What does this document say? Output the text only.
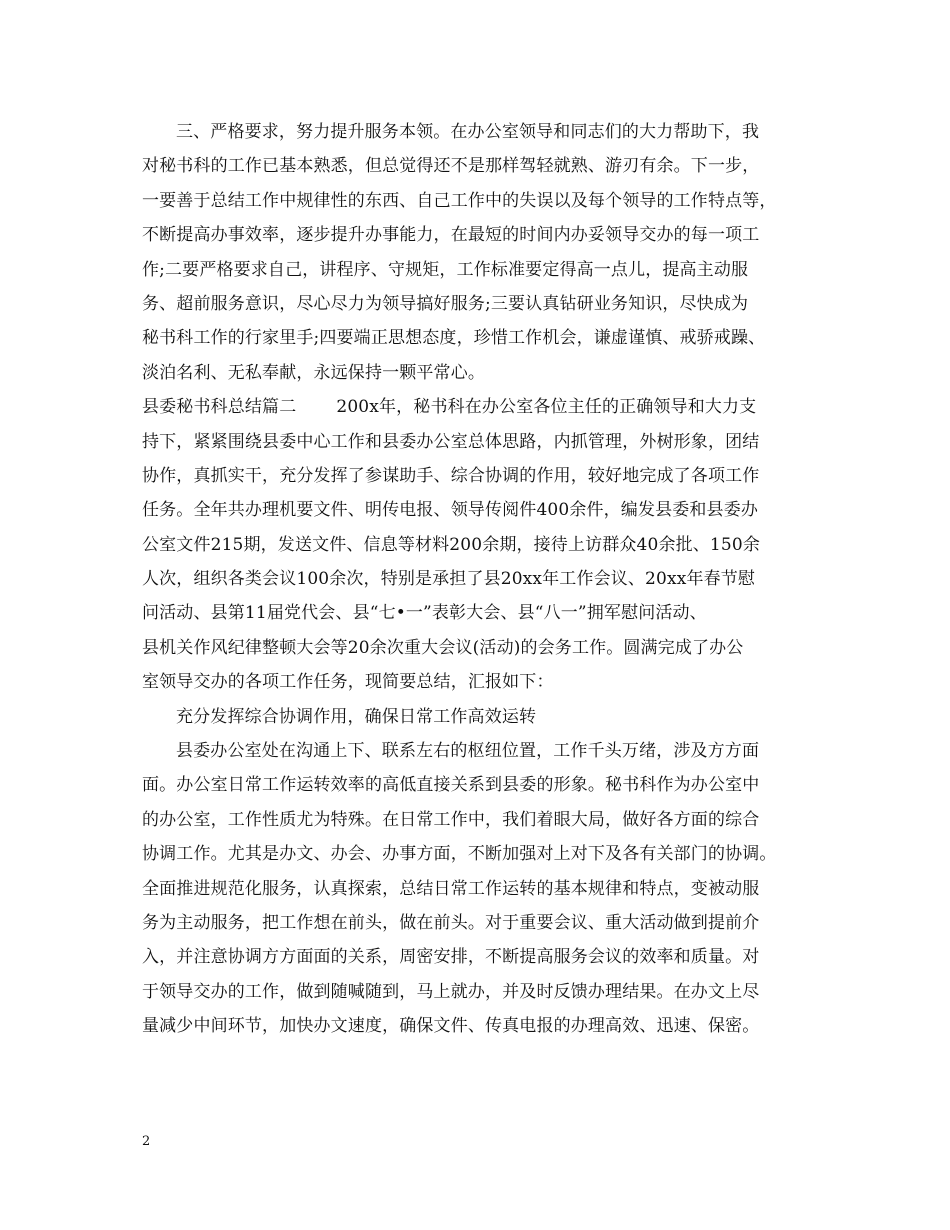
三、严格要求，努力提升服务本领。在办公室领导和同志们的大力帮助下，我
对秘书科的工作已基本熟悉，但总觉得还不是那样驾轻就熟、游刃有余。下一步，
一要善于总结工作中规律性的东西、自己工作中的失误以及每个领导的工作特点等，
不断提高办事效率，逐步提升办事能力，在最短的时间内办妥领导交办的每一项工
作;二要严格要求自己，讲程序、守规矩，工作标准要定得高一点儿，提高主动服
务、超前服务意识，尽心尽力为领导搞好服务;三要认真钻研业务知识，尽快成为
秘书科工作的行家里手;四要端正思想态度，珍惜工作机会，谦虚谨慎、戒骄戒躁、
淡泊名利、无私奉献，永远保持一颗平常心。
县委秘书科总结篇二 200x年，秘书科在办公室各位主任的正确领导和大力支
持下，紧紧围绕县委中心工作和县委办公室总体思路，内抓管理，外树形象，团结
协作，真抓实干，充分发挥了参谋助手、综合协调的作用，较好地完成了各项工作
任务。全年共办理机要文件、明传电报、领导传阅件400余件，编发县委和县委办
公室文件215期，发送文件、信息等材料200余期，接待上访群众40余批、150余
人次，组织各类会议100余次，特别是承担了县20xx年工作会议、20xx年春节慰
问活动、县第11届党代会、县“七•一”表彰大会、县“八一”拥军慰问活动、
县机关作风纪律整顿大会等20余次重大会议(活动)的会务工作。圆满完成了办公
室领导交办的各项工作任务，现简要总结，汇报如下：
充分发挥综合协调作用，确保日常工作高效运转
县委办公室处在沟通上下、联系左右的枢纽位置，工作千头万绪，涉及方方面
面。办公室日常工作运转效率的高低直接关系到县委的形象。秘书科作为办公室中
的办公室，工作性质尤为特殊。在日常工作中，我们着眼大局，做好各方面的综合
协调工作。尤其是办文、办会、办事方面，不断加强对上对下及各有关部门的协调。
全面推进规范化服务，认真探索，总结日常工作运转的基本规律和特点，变被动服
务为主动服务，把工作想在前头，做在前头。对于重要会议、重大活动做到提前介
入，并注意协调方方面面的关系，周密安排，不断提高服务会议的效率和质量。对
于领导交办的工作，做到随喊随到，马上就办，并及时反馈办理结果。在办文上尽
量减少中间环节，加快办文速度，确保文件、传真电报的办理高效、迅速、保密。
2
